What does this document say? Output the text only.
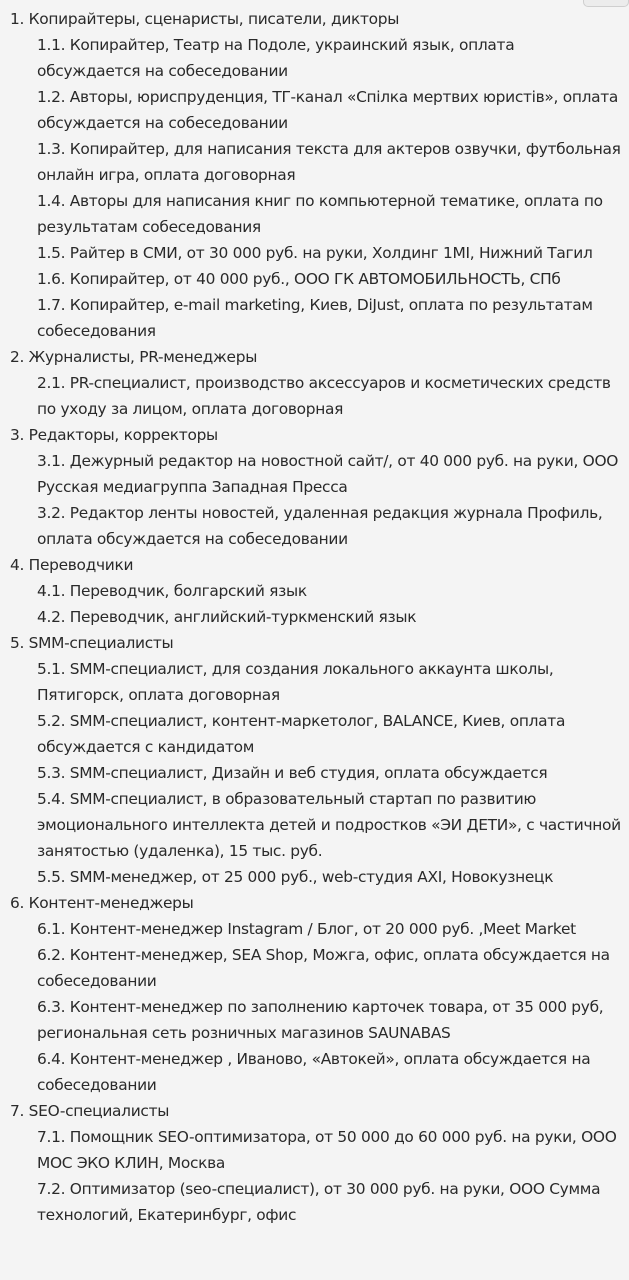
1. Копирайтеры, сценаристы, писатели, дикторы
1.1. Копирайтер, Театр на Подоле, украинский язык, оплата обсуждается на собеседовании
1.2. Авторы, юриспруденция, ТГ-канал «Спілка мертвих юристів», оплата обсуждается на собеседовании
1.3. Копирайтер, для написания текста для актеров озвучки, футбольная онлайн игра, оплата договорная
1.4. Авторы для написания книг по компьютерной тематике, оплата по результатам собеседования
1.5. Райтер в СМИ, от 30 000 руб. на руки, Холдинг 1MI, Нижний Тагил
1.6. Копирайтер, от 40 000 руб., ООО ГК АВТОМОБИЛЬНОСТЬ, СПб
1.7. Копирайтер, e-mail marketing, Киев, DiJust, оплата по результатам собеседования
2. Журналисты, PR-менеджеры
2.1. PR-специалист, производство аксессуаров и косметических средств по уходу за лицом, оплата договорная
3. Редакторы, корректоры
3.1. Дежурный редактор на новостной сайт/, от 40 000 руб. на руки, ООО Русская медиагруппа Западная Пресса
3.2. Редактор ленты новостей, удаленная редакция журнала Профиль, оплата обсуждается на собеседовании
4. Переводчики
4.1. Переводчик, болгарский язык
4.2. Переводчик, английский-туркменский язык
5. SMM-специалисты
5.1. SMM-специалист, для создания локального аккаунта школы, Пятигорск, оплата договорная
5.2. SMM-специалист, контент-маркетолог, BALANCE, Киев, оплата обсуждается с кандидатом
5.3. SMM-специалист, Дизайн и веб студия, оплата обсуждается
5.4. SMM-специалист, в образовательный стартап по развитию эмоционального интеллекта детей и подростков «ЭИ ДЕТИ», с частичной занятостью (удаленка), 15 тыс. руб.
5.5. SMM-менеджер, от 25 000 руб., web-студия AXI, Новокузнецк
6. Контент-менеджеры
6.1. Контент-менеджер Instagram / Блог, от 20 000 руб. ,Meet Market
6.2. Контент-менеджер, SEA Shop, Можга, офис, оплата обсуждается на собеседовании
6.3. Контент-менеджер по заполнению карточек товара, от 35 000 руб, региональная сеть розничных магазинов SAUNABAS
6.4. Контент-менеджер , Иваново, «Автокей», оплата обсуждается на собеседовании
7. SEO-специалисты
7.1. Помощник SEO-оптимизатора, от 50 000 до 60 000 руб. на руки, ООО МОС ЭКО КЛИН, Москва
7.2. Оптимизатор (seo-специалист), от 30 000 руб. на руки, ООО Сумма технологий, Екатеринбург, офис
